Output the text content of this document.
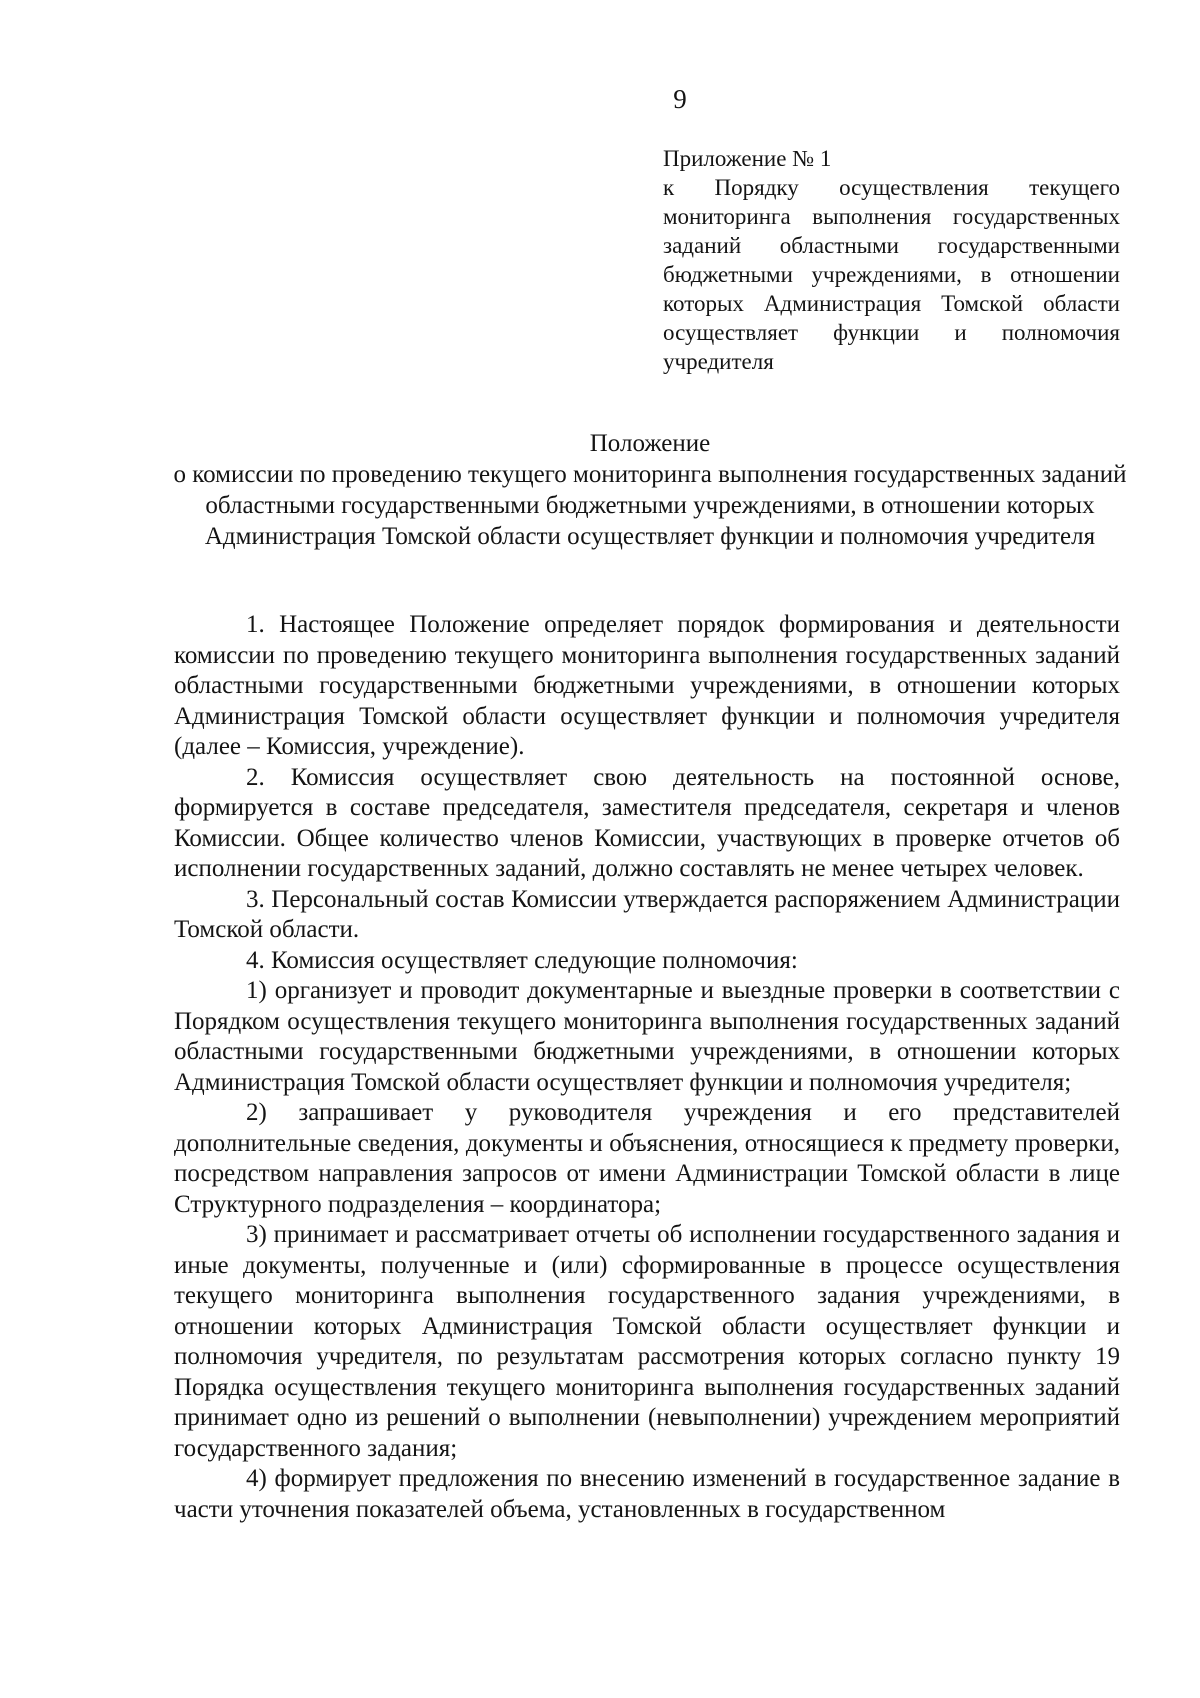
9
Приложение № 1
к Порядку осуществления текущего мониторинга выполнения государственных заданий областными государственными бюджетными учреждениями, в отношении которых Администрация Томской области осуществляет функции и полномочия учредителя
Положение
о комиссии по проведению текущего мониторинга выполнения государственных заданий областными государственными бюджетными учреждениями, в отношении которых Администрация Томской области осуществляет функции и полномочия учредителя

1. Настоящее Положение определяет порядок формирования и деятельности комиссии по проведению текущего мониторинга выполнения государственных заданий областными государственными бюджетными учреждениями, в отношении которых Администрация Томской области осуществляет функции и полномочия учредителя (далее – Комиссия, учреждение).

2. Комиссия осуществляет свою деятельность на постоянной основе, формируется в составе председателя, заместителя председателя, секретаря и членов Комиссии. Общее количество членов Комиссии, участвующих в проверке отчетов об исполнении государственных заданий, должно составлять не менее четырех человек.

3. Персональный состав Комиссии утверждается распоряжением Администрации Томской области.

4. Комиссия осуществляет следующие полномочия:

1) организует и проводит документарные и выездные проверки в соответствии с Порядком осуществления текущего мониторинга выполнения государственных заданий областными государственными бюджетными учреждениями, в отношении которых Администрация Томской области осуществляет функции и полномочия учредителя;

2) запрашивает у руководителя учреждения и его представителей дополнительные сведения, документы и объяснения, относящиеся к предмету проверки, посредством направления запросов от имени Администрации Томской области в лице Структурного подразделения – координатора;

3) принимает и рассматривает отчеты об исполнении государственного задания и иные документы, полученные и (или) сформированные в процессе осуществления текущего мониторинга выполнения государственного задания учреждениями, в отношении которых Администрация Томской области осуществляет функции и полномочия учредителя, по результатам рассмотрения которых согласно пункту 19 Порядка осуществления текущего мониторинга выполнения государственных заданий принимает одно из решений о выполнении (невыполнении) учреждением мероприятий государственного задания;

4) формирует предложения по внесению изменений в государственное задание в части уточнения показателей объема, установленных в государственном
